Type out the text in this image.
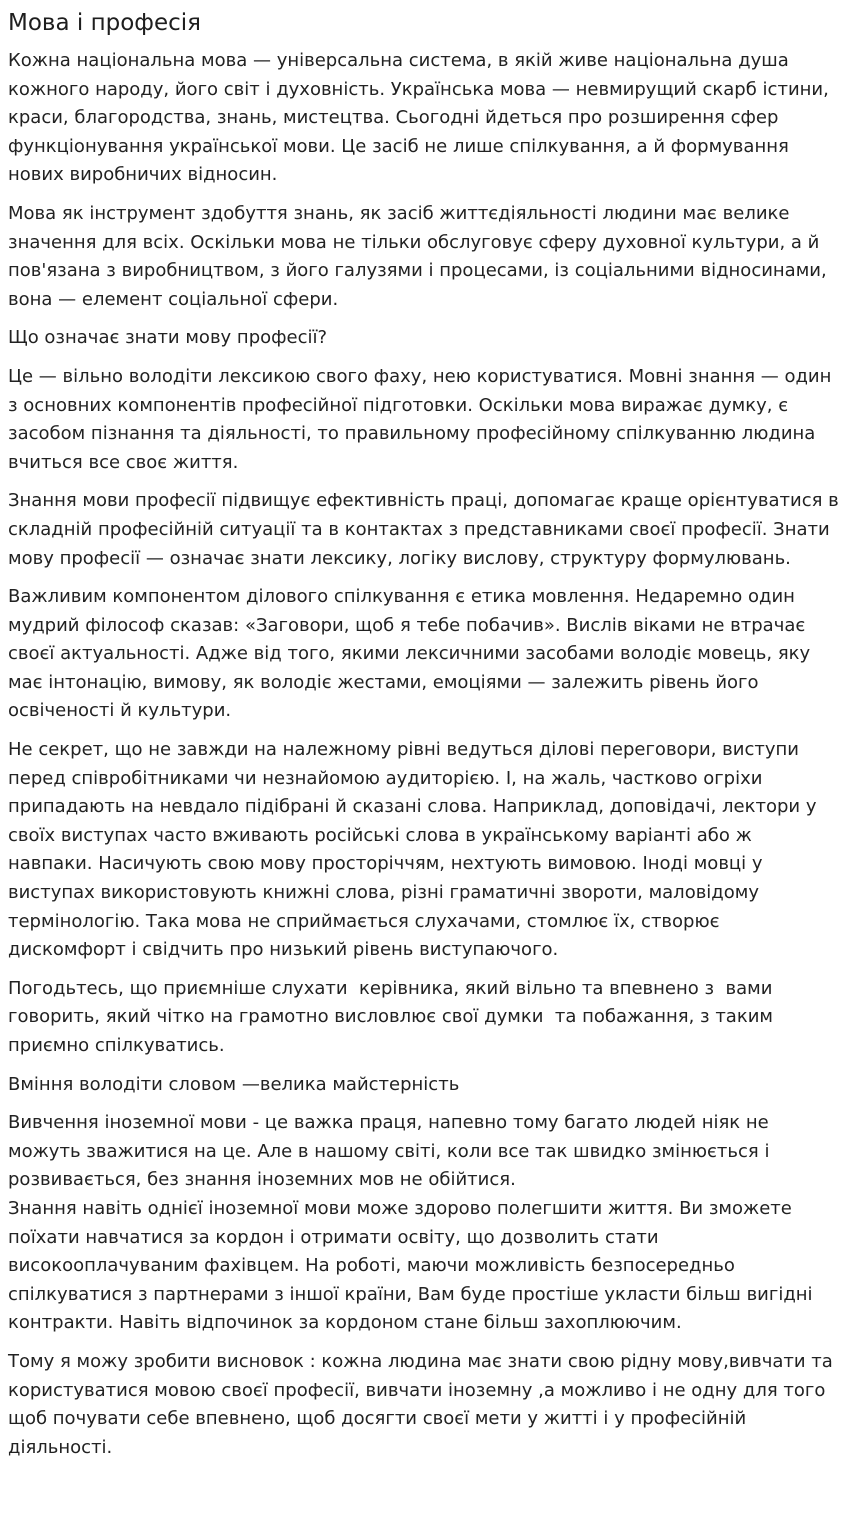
Мова і професія

Кожна національна мова — універсальна система, в якій живе національна душа кожного народу, його світ і духовність. Українська мова — невмирущий скарб істини, краси, благородства, знань, мистецтва. Сьогодні йдеться про розширення сфер функціонування української мови. Це засіб не лише спілкування, а й формування нових виробничих відносин.

Мова як інструмент здобуття знань, як засіб життєдіяльності людини має велике значення для всіх. Оскільки мова не тільки обслуговує сферу духовної культури, а й пов'язана з виробництвом, з його галузями і процесами, із соціальними відносинами, вона — елемент соціальної сфери.

Що означає знати мову професії?

Це — вільно володіти лексикою свого фаху, нею користуватися. Мовні знання — один з основних компонентів професійної підготовки. Оскільки мова виражає думку, є засобом пізнання та діяльності, то правильному професійному спілкуванню людина вчиться все своє життя.

Знання мови професії підвищує ефективність праці, допомагає краще орієнтуватися в складній професійній ситуації та в контактах з представниками своєї професії. Знати мову професії — означає знати лексику, логіку вислову, структуру формулювань.

Важливим компонентом ділового спілкування є етика мовлення. Недаремно один мудрий філософ сказав: «Заговори, щоб я тебе побачив». Вислів віками не втрачає своєї актуальності. Адже від того, якими лексичними засобами володіє мовець, яку має інтонацію, вимову, як володіє жестами, емоціями — залежить рівень його освіченості й культури.

Не секрет, що не завжди на належному рівні ведуться ділові переговори, виступи перед співробітниками чи незнайомою аудиторією. І, на жаль, частково огріхи припадають на невдало підібрані й сказані слова. Наприклад, доповідачі, лектори у своїх виступах часто вживають російські слова в українському варіанті або ж навпаки. Насичують свою мову просторіччям, нехтують вимовою. Іноді мовці у виступах використовують книжні слова, різні граматичні звороти, маловідому термінологію. Така мова не сприймається слухачами, стомлює їх, створює дискомфорт і свідчить про низький рівень виступаючого.

Погодьтесь, що приємніше слухати  керівника, який вільно та впевнено з  вами говорить, який чітко на грамотно висловлює свої думки  та побажання, з таким приємно спілкуватись.

Вміння володіти словом —велика майстерність

Вивчення іноземної мови - це важка праця, напевно тому багато людей ніяк не можуть зважитися на це. Але в нашому світі, коли все так швидко змінюється і розвивається, без знання іноземних мов не обійтися.

Знання навіть однієї іноземної мови може здорово полегшити життя. Ви зможете поїхати навчатися за кордон і отримати освіту, що дозволить стати високооплачуваним фахівцем. На роботі, маючи можливість безпосередньо спілкуватися з партнерами з іншої країни, Вам буде простіше укласти більш вигідні контракти. Навіть відпочинок за кордоном стане більш захоплюючим.

Тому я можу зробити висновок : кожна людина має знати свою рідну мову,вивчати та користуватися мовою своєї професії, вивчати іноземну ,а можливо і не одну для того щоб почувати себе впевнено, щоб досягти своєї мети у житті і у професійній діяльності.
